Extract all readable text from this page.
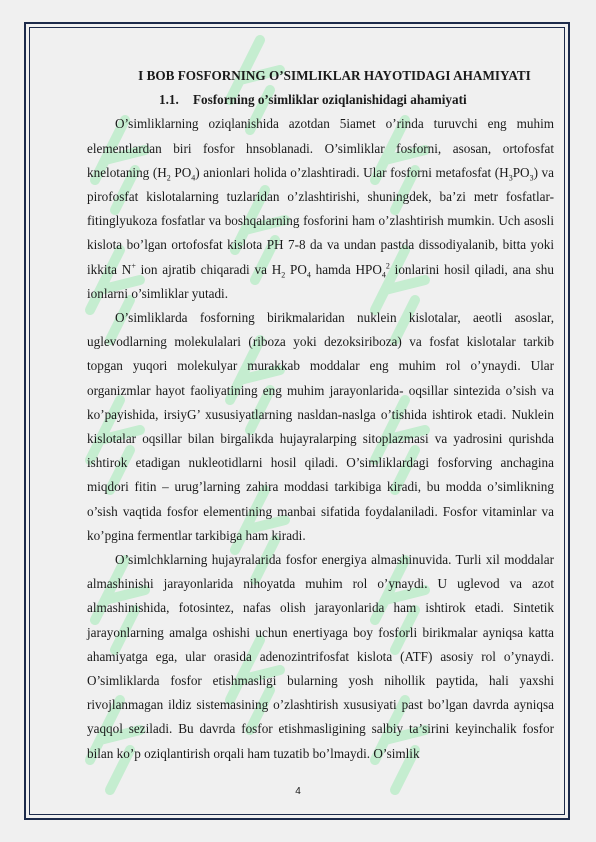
I BOB FOSFORNING O’SIMLIKLAR HAYOTIDAGI AHAMIYATI
1.1. Fosforning o’simliklar oziqlanishidagi ahamiyati

O’simliklarning oziqlanishida azotdan 5iamet o’rinda turuvchi eng muhim elementlardan biri fosfor hnsoblanadi. O’simliklar fosforni, asosan, ortofosfat knelotaning ($H_2$ $PO_4$) anionlari holida o’zlashtiradi. Ular fosforni metafosfat $(H_3PO_3)$ va pirofosfat kislotalarning tuzlaridan o’zlashtirishi, shuningdek, ba’zi metr fosfatlar-fitinglyukoza fosfatlar va boshqalarning fosforini ham o’zlashtirish mumkin. Uch asosli kislota bo’lgan ortofosfat kislota PH 7-8 da va undan pastda dissodiyalanib, bitta yoki ikkita N+ ion ajratib chiqaradi va $H_2$ $PO_4$ hamda $HPO_4^2$ ionlarini hosil qiladi, ana shu ionlarni o’simliklar yutadi.

O’simliklarda fosforning birikmalaridan nuklein kislotalar, aeotli asoslar, uglevodlarning molekulalari (riboza yoki dezoksiriboza) va fosfat kislotalar tarkib topgan yuqori molekulyar murakkab moddalar eng muhim rol o’ynaydi. Ular organizmlar hayot faoliyatining eng muhim jarayonlarida- oqsillar sintezida o’sish va ko’payishida, irsiyG’ xususiyatlarning nasldan-naslga o’tishida ishtirok etadi. Nuklein kislotalar oqsillar bilan birgalikda hujayralarping sitoplazmasi va yadrosini qurishda ishtirok etadigan nukleotidlarni hosil qiladi. O’simliklardagi fosforving anchagina miqdori fitin – urug’larning zahira moddasi tarkibiga kiradi, bu modda o’simlikning o’sish vaqtida fosfor elementining manbai sifatida foydalaniladi. Fosfor vitaminlar va ko’pgina fermentlar tarkibiga ham kiradi.

O’simlchklarning hujayralarida fosfor energiya almashinuvida. Turli xil moddalar almashinishi jarayonlarida nihoyatda muhim rol o’ynaydi. U uglevod va azot almashinishida, fotosintez, nafas olish jarayonlarida ham ishtirok etadi. Sintetik jarayonlarning amalga oshishi uchun enertiyaga boy fosforli birikmalar ayniqsa katta ahamiyatga ega, ular orasida adenozintrifosfat kislota (ATF) asosiy rol o’ynaydi. O’simliklarda fosfor etishmasligi bularning yosh nihollik paytida, hali yaxshi rivojlanmagan ildiz sistemasining o’zlashtirish xususiyati past bo’lgan davrda ayniqsa yaqqol seziladi. Bu davrda fosfor etishmasligining salbiy ta’sirini keyinchalik fosfor bilan ko’p oziqlantirish orqali ham tuzatib bo’lmaydi. O’simlik

4
